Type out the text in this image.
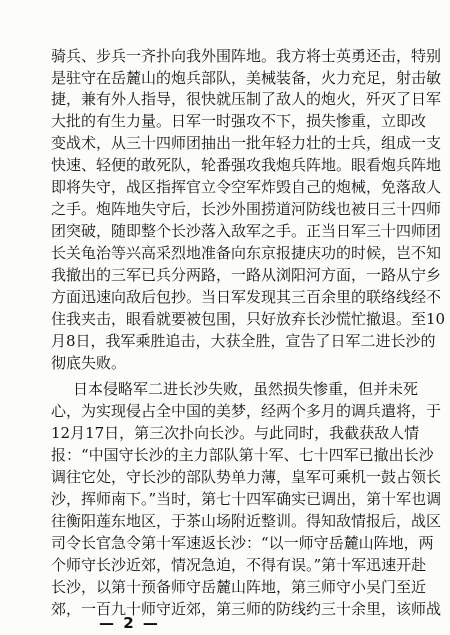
骑兵、步兵一齐扑向我外围阵地。我方将士英勇还击，特别
是驻守在岳麓山的炮兵部队，美械装备，火力充足，射击敏
捷，兼有外人指导，很快就压制了敌人的炮火，歼灭了日军
大批的有生力量。日军一时强攻不下，损失惨重，立即改
变战术，从三十四师团抽出一批年轻力壮的士兵，组成一支
快速、轻便的敢死队，轮番强攻我炮兵阵地。眼看炮兵阵地
即将失守，战区指挥官立令空军炸毁自己的炮械，免落敌人
之手。炮阵地失守后，长沙外围捞道河防线也被日三十四师
团突破，随即整个长沙落入敌军之手。正当日军三十四师团
长关龟治等兴高采烈地准备向东京报捷庆功的时候，岂不知
我撤出的三军已兵分两路，一路从浏阳河方面，一路从宁乡
方面迅速向敌后包抄。当日军发现其三百余里的联络线经不
住我夹击，眼看就要被包围，只好放弃长沙慌忙撤退。至10
月8日，我军乘胜追击，大获全胜，宣告了日军二进长沙的
彻底失败。
日本侵略军二进长沙失败，虽然损失惨重，但并未死
心，为实现侵占全中国的美梦，经两个多月的调兵遣将，于
12月17日，第三次扑向长沙。与此同时，我截获敌人情
报：“中国守长沙的主力部队第十军、七十四军已撤出长沙
调往它处，守长沙的部队势单力薄，皇军可乘机一鼓占领长
沙，挥师南下。”当时，第七十四军确实已调出，第十军也调
往衡阳莲东地区，于茶山场附近整训。得知敌情报后，战区
司令长官急令第十军速返长沙：“以一师守岳麓山阵地，两
个师守长沙近郊，情况急迫，不得有误。”第十军迅速开赴
长沙，以第十预备师守岳麓山阵地，第三师守小吴门至近
郊，一百九十师守近郊，第三师的防线约三十余里，该师战
— 2 —
